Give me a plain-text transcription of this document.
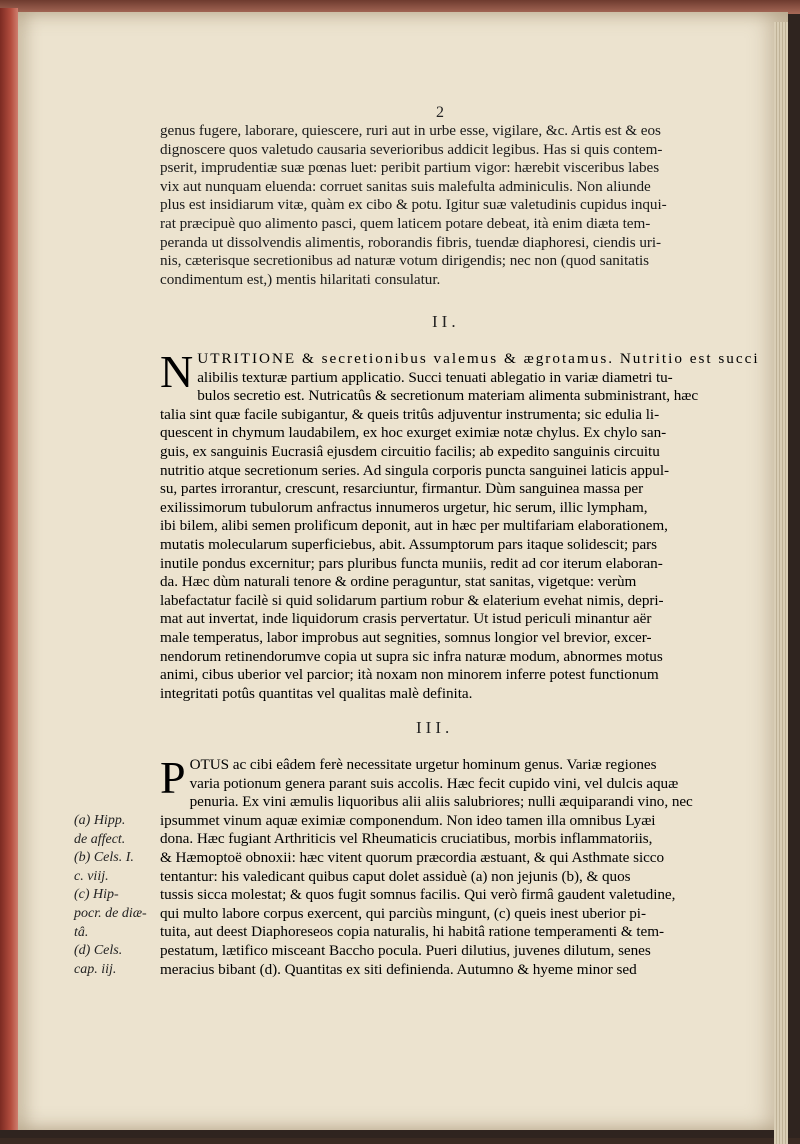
2
genus fugere, laborare, quiescere, ruri aut in urbe esse, vigilare, &c. Artis est & eos
dignoscere quos valetudo causaria severioribus addicit legibus. Has si quis contem-
pserit, imprudentiæ suæ pœnas luet: peribit partium vigor: hærebit visceribus labes
vix aut nunquam eluenda: corruet sanitas suis malefulta adminiculis. Non aliunde
plus est insidiarum vitæ, quàm ex cibo & potu. Igitur suæ valetudinis cupidus inqui-
rat præcipuè quo alimento pasci, quem laticem potare debeat, ità enim diæta tem-
peranda ut dissolvendis alimentis, roborandis fibris, tuendæ diaphoresi, ciendis uri-
nis, cæterisque secretionibus ad naturæ votum dirigendis; nec non (quod sanitatis
condimentum est,) mentis hilaritati consulatur.
II.
N UTRITIONE & secretionibus valemus & ægrotamus. Nutritio est succi
alibilis texturæ partium applicatio. Succi tenuati ablegatio in variæ diametri tu-
bulos secretio est. Nutricatûs & secretionum materiam alimenta subministrant, hæc
talia sint quæ facile subigantur, & queis tritûs adjuventur instrumenta; sic edulia li-
quescent in chymum laudabilem, ex hoc exurget eximiæ notæ chylus. Ex chylo san-
guis, ex sanguinis Eucrasiâ ejusdem circuitio facilis; ab expedito sanguinis circuitu
nutritio atque secretionum series. Ad singula corporis puncta sanguinei laticis appul-
su, partes irrorantur, crescunt, resarciuntur, firmantur. Dùm sanguinea massa per
exilissimorum tubulorum anfractus innumeros urgetur, hic serum, illic lympham,
ibi bilem, alibi semen prolificum deponit, aut in hæc per multifariam elaborationem,
mutatis molecularum superficiebus, abit. Assumptorum pars itaque solidescit; pars
inutile pondus excernitur; pars pluribus functa muniis, redit ad cor iterum elaboran-
da. Hæc dùm naturali tenore & ordine peraguntur, stat sanitas, vigetque: verùm
labefactatur facilè si quid solidarum partium robur & elaterium evehat nimis, depri-
mat aut invertat, inde liquidorum crasis pervertatur. Ut istud periculi minantur aër
male temperatus, labor improbus aut segnities, somnus longior vel brevior, excer-
nendorum retinendorumve copia ut supra sic infra naturæ modum, abnormes motus
animi, cibus uberior vel parcior; ità noxam non minorem inferre potest functionum
integritati potûs quantitas vel qualitas malè definita.
III.
P OTUS ac cibi eâdem ferè necessitate urgetur hominum genus. Variæ regiones
varia potionum genera parant suis accolis. Hæc fecit cupido vini, vel dulcis aquæ
penuria. Ex vini æmulis liquoribus alii aliis salubriores; nulli æquiparandi vino, nec
ipsummet vinum aquæ eximiæ componendum. Non ideo tamen illa omnibus Lyæi
dona. Hæc fugiant Arthriticis vel Rheumaticis cruciatibus, morbis inflammatoriis,
& Hæmoptoë obnoxii: hæc vitent quorum præcordia æstuant, & qui Asthmate sicco
tentantur: his valedicant quibus caput dolet assiduè (a) non jejunis (b), & quos
tussis sicca molestat; & quos fugit somnus facilis. Qui verò firmâ gaudent valetudine,
qui multo labore corpus exercent, qui parciùs mingunt, (c) queis inest uberior pi-
tuita, aut deest Diaphoreseos copia naturalis, hi habitâ ratione temperamenti & tem-
pestatum, lætifico misceant Baccho pocula. Pueri dilutius, juvenes dilutum, senes
meracius bibant (d). Quantitas ex siti definienda. Autumno & hyeme minor sed
(a) Hipp.
de affect.
(b) Cels. I.
c. viij.
(c) Hip-
pocr. de diæ-
tâ.
(d) Cels.
cap. iij.
